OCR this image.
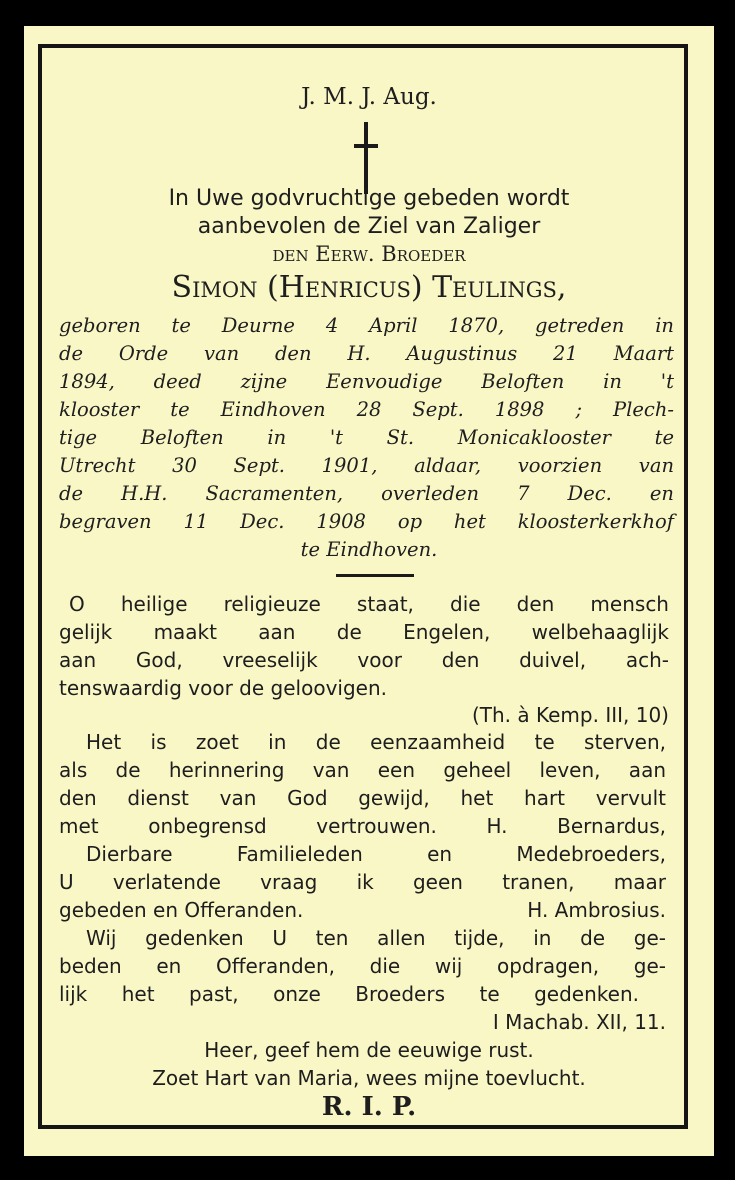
J. M. J. Aug.

In Uwe godvruchtige gebeden wordt

aanbevolen de Ziel van Zaliger

den Eerw. Broeder

Simon (Henricus) Teulings,

geboren te Deurne 4 April 1870, getreden in

de Orde van den H. Augustinus 21 Maart

1894, deed zijne Eenvoudige Beloften in 't

klooster te Eindhoven 28 Sept. 1898 ; Plech-

tige Beloften in 't St. Monicaklooster te

Utrecht 30 Sept. 1901, aldaar, voorzien van

de H.H. Sacramenten, overleden 7 Dec. en

begraven 11 Dec. 1908 op het kloosterkerkhof

te Eindhoven.

O heilige religieuze staat, die den mensch

gelijk maakt aan de Engelen, welbehaaglijk

aan God, vreeselijk voor den duivel, ach-

tenswaardig voor de geloovigen.

(Th. à Kemp. III, 10)

Het is zoet in de eenzaamheid te sterven,

als de herinnering van een geheel leven, aan

den dienst van God gewijd, het hart vervult

met onbegrensd vertrouwen. H. Bernardus,

Dierbare Familieleden en Medebroeders,

U verlatende vraag ik geen tranen, maar

gebeden en Offeranden.	H. Ambrosius.

Wij gedenken U ten allen tijde, in de ge-

beden en Offeranden, die wij opdragen, ge-

lijk het past, onze Broeders te gedenken.

I Machab. XII, 11.

Heer, geef hem de eeuwige rust.

Zoet Hart van Maria, wees mijne toevlucht.

R. I. P.
